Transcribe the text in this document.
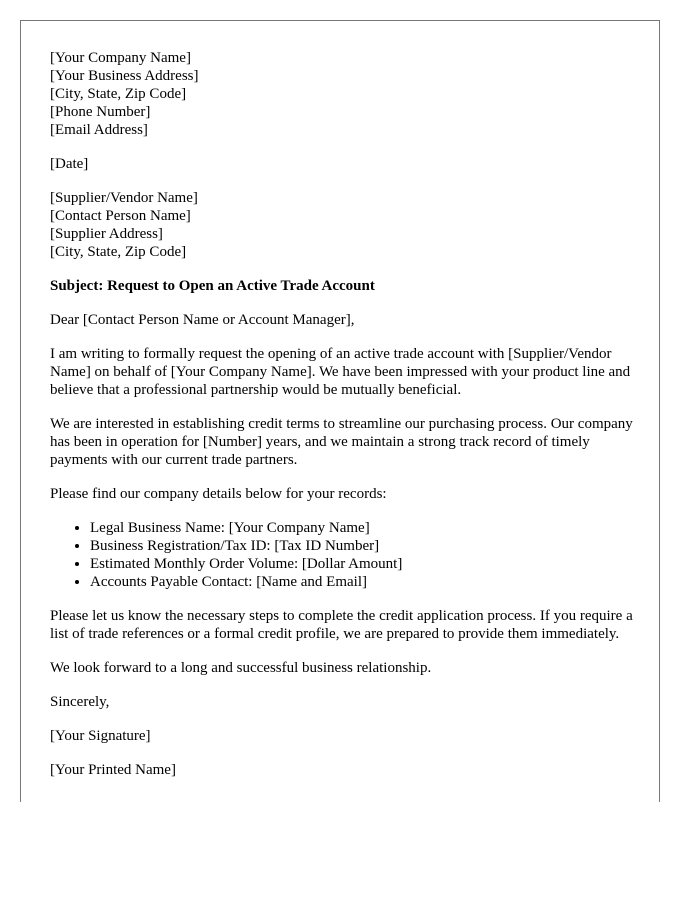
[Your Company Name]
[Your Business Address]
[City, State, Zip Code]
[Phone Number]
[Email Address]
[Date]
[Supplier/Vendor Name]
[Contact Person Name]
[Supplier Address]
[City, State, Zip Code]

Subject: Request to Open an Active Trade Account

Dear [Contact Person Name or Account Manager],

I am writing to formally request the opening of an active trade account with [Supplier/Vendor Name] on behalf of [Your Company Name]. We have been impressed with your product line and believe that a professional partnership would be mutually beneficial.

We are interested in establishing credit terms to streamline our purchasing process. Our company has been in operation for [Number] years, and we maintain a strong track record of timely payments with our current trade partners.

Please find our company details below for your records:

• Legal Business Name: [Your Company Name]
• Business Registration/Tax ID: [Tax ID Number]
• Estimated Monthly Order Volume: [Dollar Amount]
• Accounts Payable Contact: [Name and Email]

Please let us know the necessary steps to complete the credit application process. If you require a list of trade references or a formal credit profile, we are prepared to provide them immediately.

We look forward to a long and successful business relationship.

Sincerely,

[Your Signature]

[Your Printed Name]
